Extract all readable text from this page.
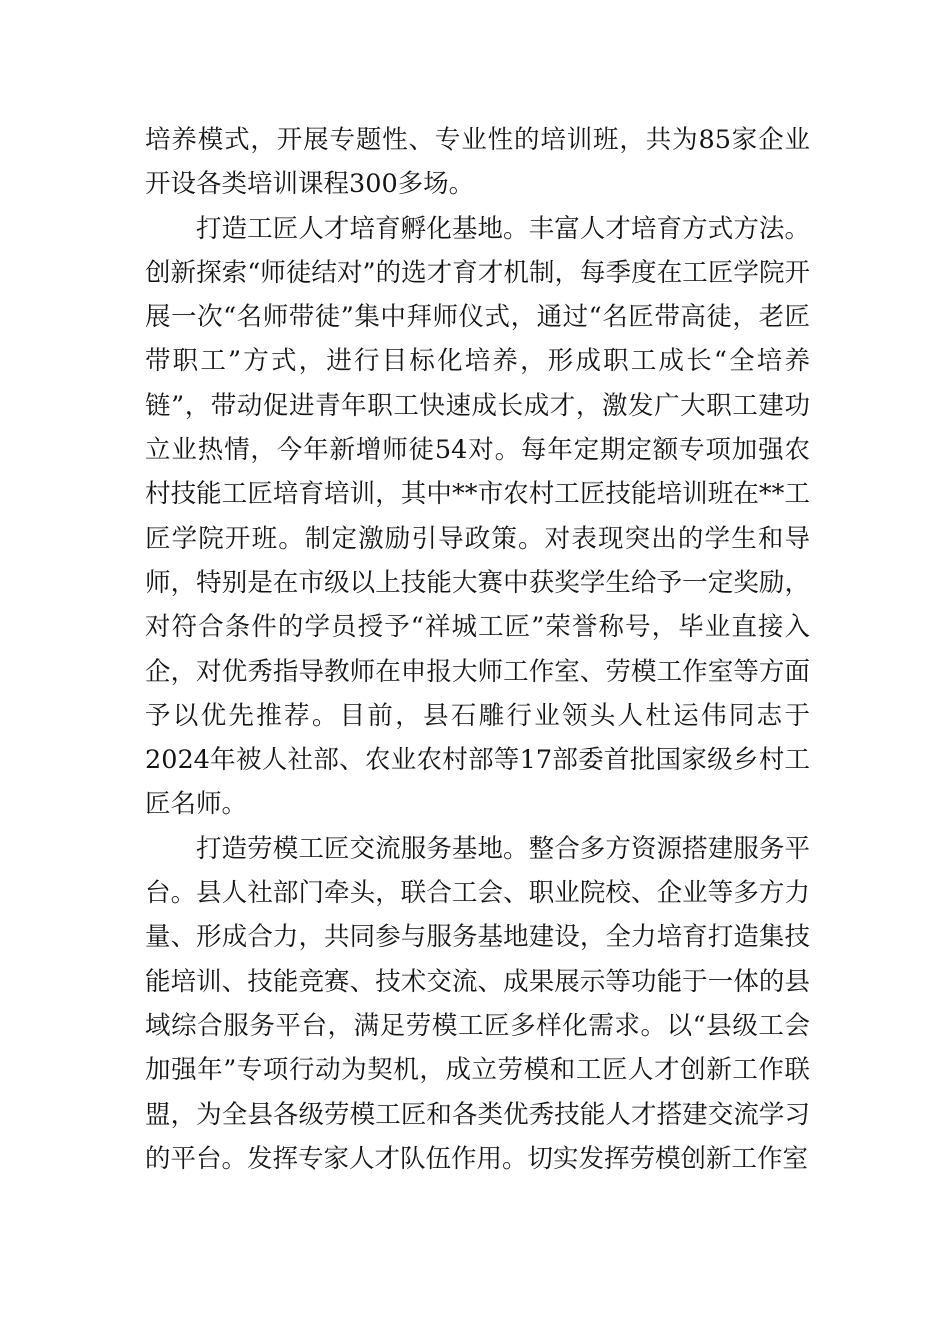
培养模式，开展专题性、专业性的培训班，共为85家企业开设各类培训课程300多场。

打造工匠人才培育孵化基地。丰富人才培育方式方法。创新探索“师徒结对”的选才育才机制，每季度在工匠学院开展一次“名师带徒”集中拜师仪式，通过“名匠带高徒，老匠带职工”方式，进行目标化培养，形成职工成长“全培养链”，带动促进青年职工快速成长成才，激发广大职工建功立业热情，今年新增师徒54对。每年定期定额专项加强农村技能工匠培育培训，其中**市农村工匠技能培训班在**工匠学院开班。制定激励引导政策。对表现突出的学生和导师，特别是在市级以上技能大赛中获奖学生给予一定奖励，对符合条件的学员授予“祥城工匠”荣誉称号，毕业直接入企，对优秀指导教师在申报大师工作室、劳模工作室等方面予以优先推荐。目前，县石雕行业领头人杜运伟同志于2024年被人社部、农业农村部等17部委首批国家级乡村工匠名师。

打造劳模工匠交流服务基地。整合多方资源搭建服务平台。县人社部门牵头，联合工会、职业院校、企业等多方力量、形成合力，共同参与服务基地建设，全力培育打造集技能培训、技能竞赛、技术交流、成果展示等功能于一体的县域综合服务平台，满足劳模工匠多样化需求。以“县级工会加强年”专项行动为契机，成立劳模和工匠人才创新工作联盟，为全县各级劳模工匠和各类优秀技能人才搭建交流学习的平台。发挥专家人才队伍作用。切实发挥劳模创新工作室
